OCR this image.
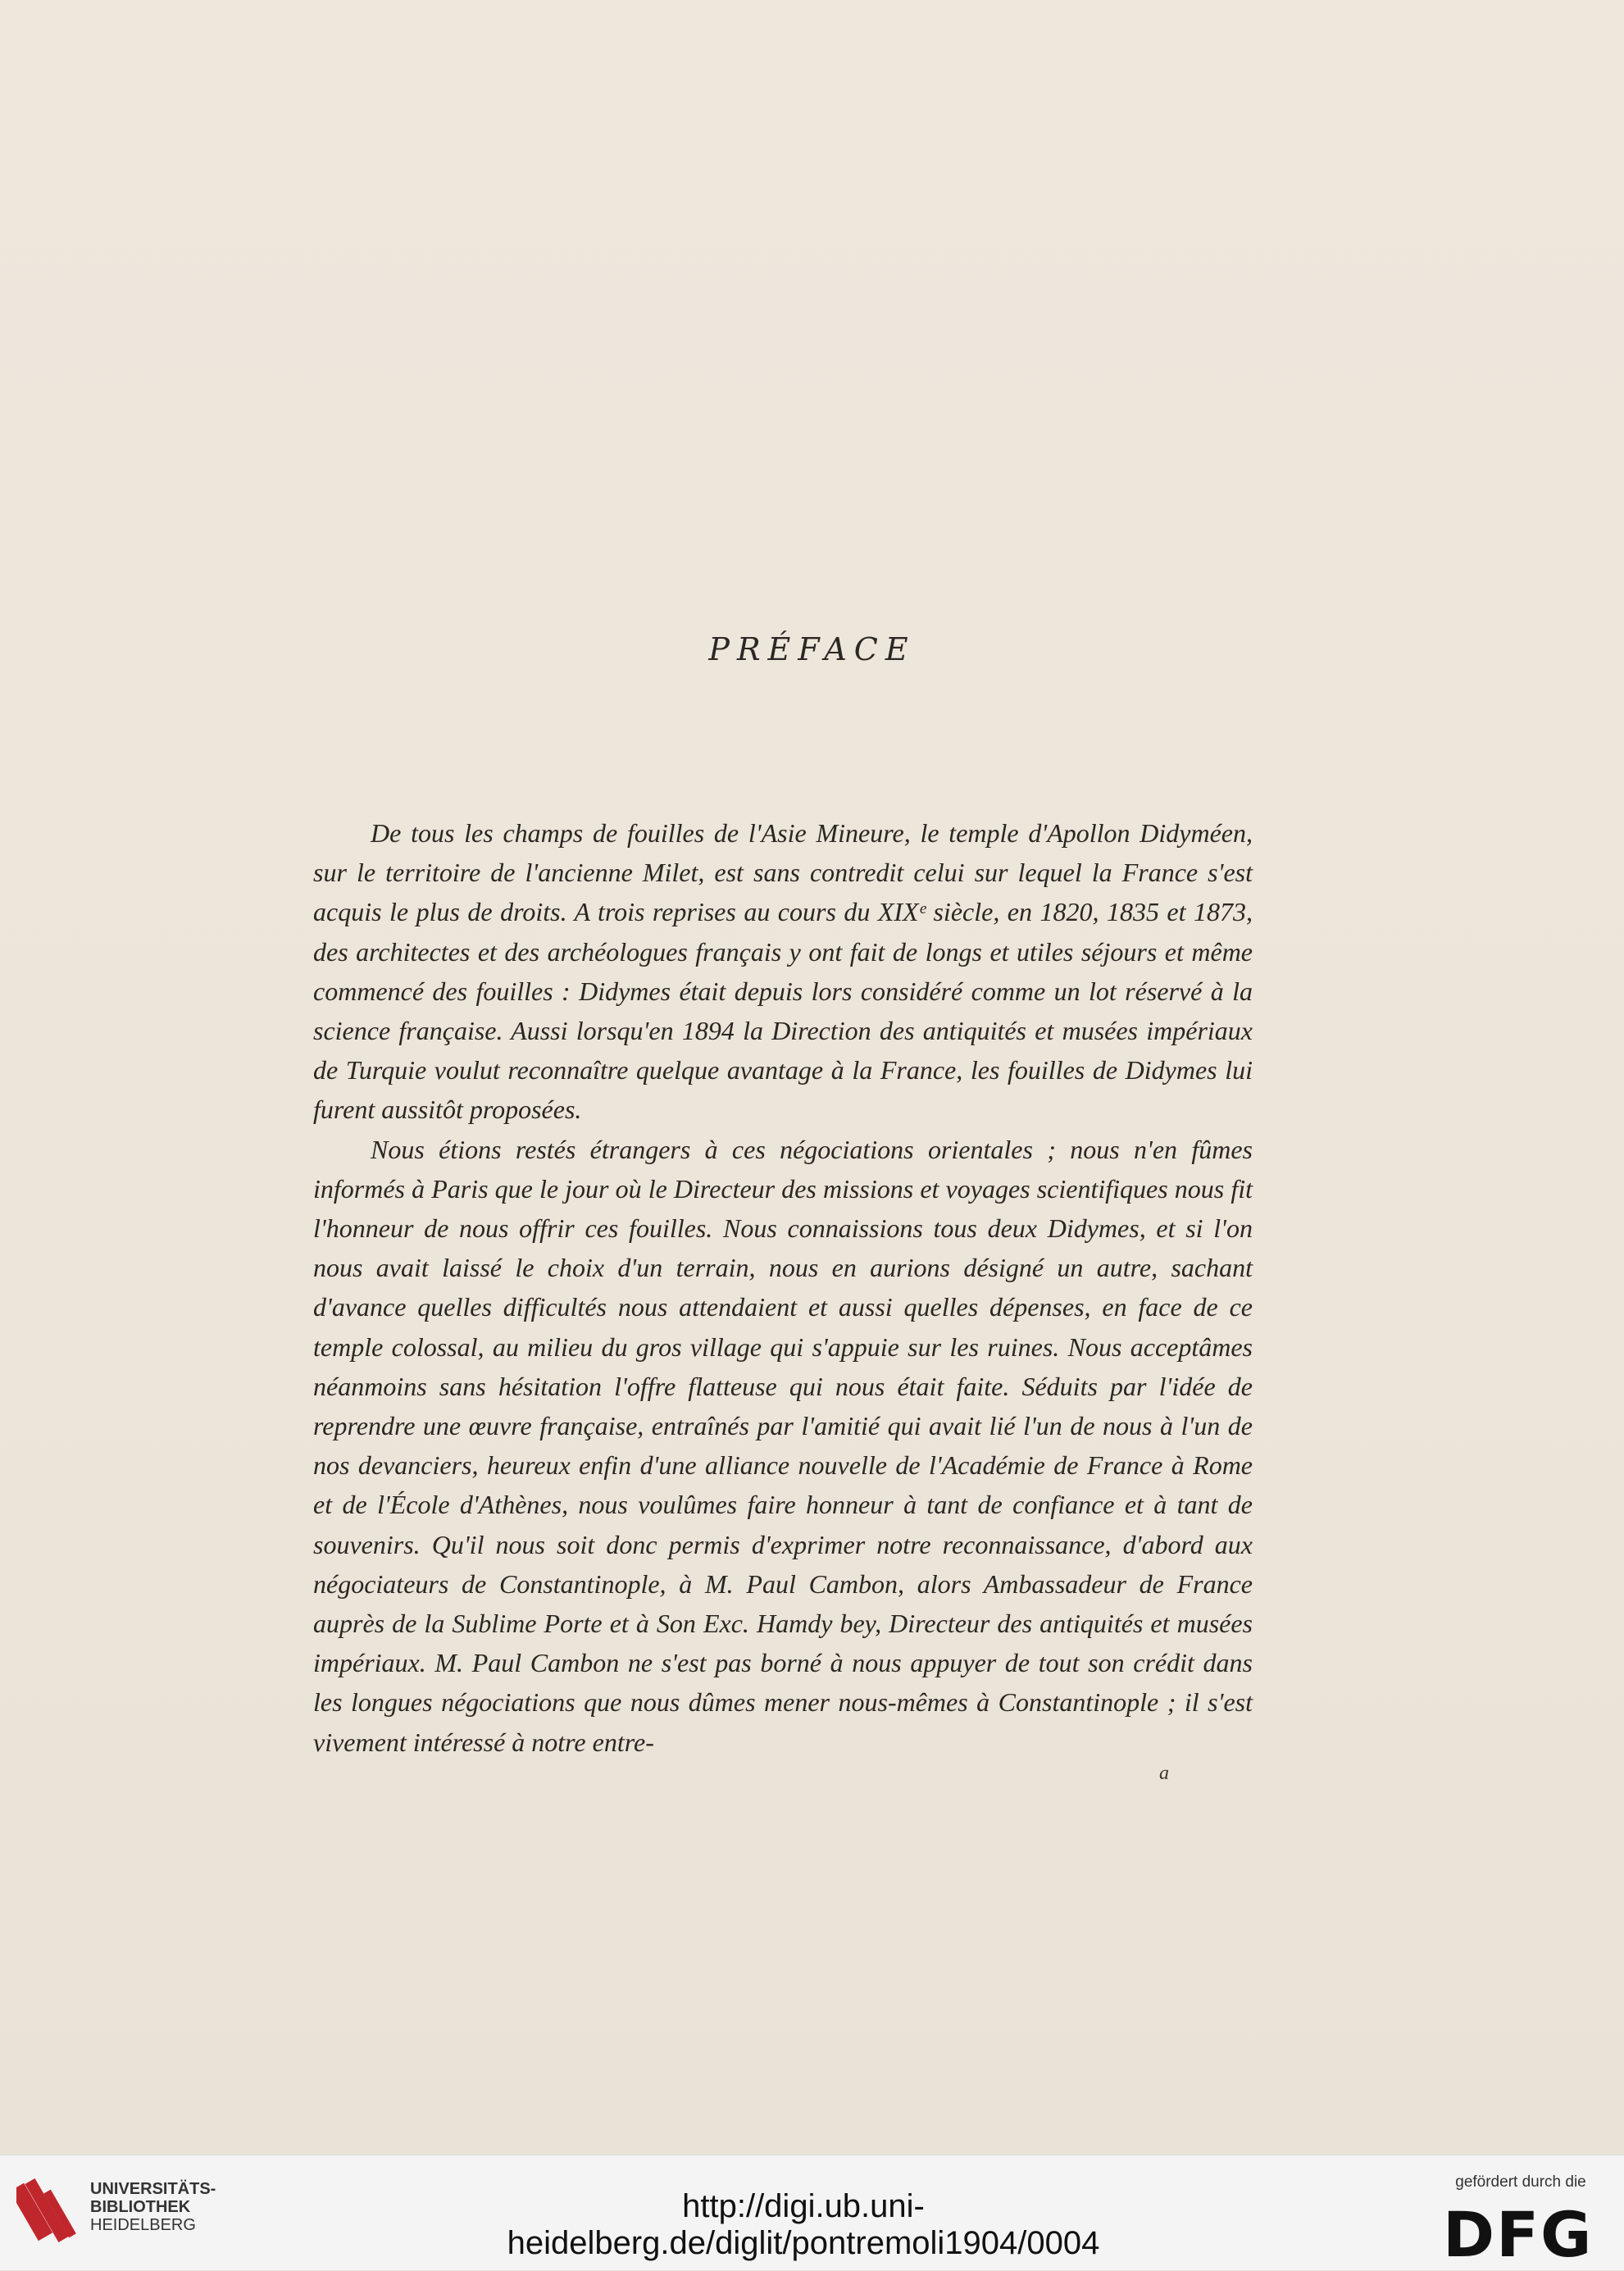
PRÉFACE

De tous les champs de fouilles de l'Asie Mineure, le temple d'Apollon Didyméen, sur le territoire de l'ancienne Milet, est sans contredit celui sur lequel la France s'est acquis le plus de droits. A trois reprises au cours du XIXᵉ siècle, en 1820, 1835 et 1873, des architectes et des archéologues français y ont fait de longs et utiles séjours et même commencé des fouilles : Didymes était depuis lors considéré comme un lot réservé à la science française. Aussi lorsqu'en 1894 la Direction des antiquités et musées impériaux de Turquie voulut reconnaître quelque avantage à la France, les fouilles de Didymes lui furent aussitôt proposées.

Nous étions restés étrangers à ces négociations orientales ; nous n'en fûmes informés à Paris que le jour où le Directeur des missions et voyages scientifiques nous fit l'honneur de nous offrir ces fouilles. Nous connaissions tous deux Didymes, et si l'on nous avait laissé le choix d'un terrain, nous en aurions désigné un autre, sachant d'avance quelles difficultés nous attendaient et aussi quelles dépenses, en face de ce temple colossal, au milieu du gros village qui s'appuie sur les ruines. Nous acceptâmes néanmoins sans hésitation l'offre flatteuse qui nous était faite. Séduits par l'idée de reprendre une œuvre française, entraînés par l'amitié qui avait lié l'un de nous à l'un de nos devanciers, heureux enfin d'une alliance nouvelle de l'Académie de France à Rome et de l'École d'Athènes, nous voulûmes faire honneur à tant de confiance et à tant de souvenirs. Qu'il nous soit donc permis d'exprimer notre reconnaissance, d'abord aux négociateurs de Constantinople, à M. Paul Cambon, alors Ambassadeur de France auprès de la Sublime Porte et à Son Exc. Hamdy bey, Directeur des antiquités et musées impériaux. M. Paul Cambon ne s'est pas borné à nous appuyer de tout son crédit dans les longues négociations que nous dûmes mener nous-mêmes à Constantinople ; il s'est vivement intéressé à notre entre-

a
UNIVERSITÄTS-
BIBLIOTHEK
HEIDELBERG
http://digi.ub.uni-heidelberg.de/diglit/pontremoli1904/0004
gefördert durch die
DFG
